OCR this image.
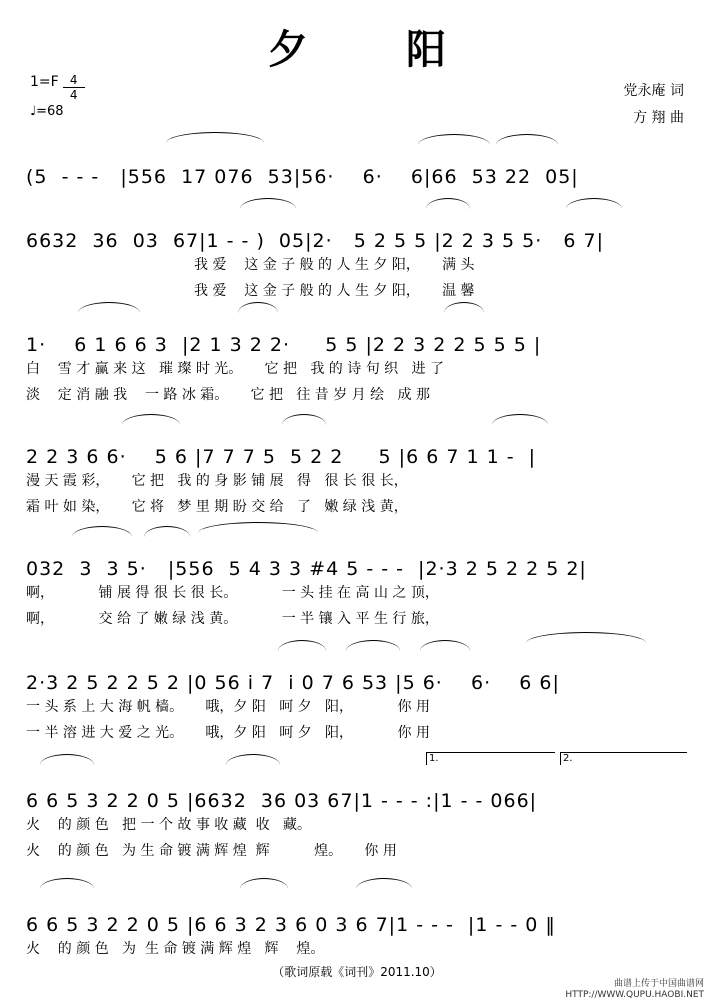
夕 阳
$1=F \frac{4}{4}$
♩=68
党永庵 词
方 翔 曲
(5  - - -   |556  17 076  53|56·    6·    6|66  53 22  05|
6632  36  03  67|1 - - )  05|2·   5 2 5 5 |2 2 3 5 5·   6 7|
我 爱    这 金 子 般 的 人 生 夕 阳，     满 头
我 爱    这 金 子 般 的 人 生 夕 阳，     温 馨
1·    6 1 6 6 3  |2 1 3 2 2·     5 5 |2 2 3 2 2 5 5 5 |
白    雪 才 赢 来 这   璀 璨 时 光。     它 把   我 的 诗 句 织   进 了
淡    定 消 融 我    一 路 冰 霜。     它 把   往 昔 岁 月 绘   成 那
2 2 3 6 6·    5 6 |7 7 7 5  5 2 2     5 |6 6 7 1 1 -  |
漫 天 霞 彩，     它 把   我 的 身 影 铺 展   得   很 长 很 长，
霜 叶 如 染，     它 将   梦 里 期 盼 交 给   了   嫩 绿 浅 黄，
032  3  3 5·   |556  5 4 3 3 #4 5 - - -  |2·3 2 5 2 2 5 2|
啊，          铺 展 得 很 长 很 长。          一 头 挂 在 高 山 之 顶，
啊，          交 给 了 嫩 绿 浅 黄。          一 半 镶 入 平 生 行 旅，
2·3 2 5 2 2 5 2 |0 56 i 7  i 0 7 6 53 |5 6·    6·    6 6|
一 头 系 上 大 海 帆 樯。     哦，夕 阳   呵 夕   阳，          你 用
一 半 溶 进 大 爱 之 光。     哦，夕 阳   呵 夕   阳，          你 用
1.	2.
6 6 5 3 2 2 0 5 |6632  36 03 67|1 - - - :|1 - - 066|
火    的 颜 色   把 一 个 故 事 收 藏  收   藏。
火    的 颜 色   为 生 命 镀 满 辉 煌  辉          煌。     你 用
6 6 5 3 2 2 0 5 |6 6 3 2 3 6 0 3 6 7|1 - - -  |1 - - 0 ‖
火    的 颜 色   为  生 命 镀 满 辉 煌   辉    煌。
（歌词原载《词刊》2011.10）
曲谱上传于中国曲谱网
HTTP://WWW.QUPU.HAOBI.NET
